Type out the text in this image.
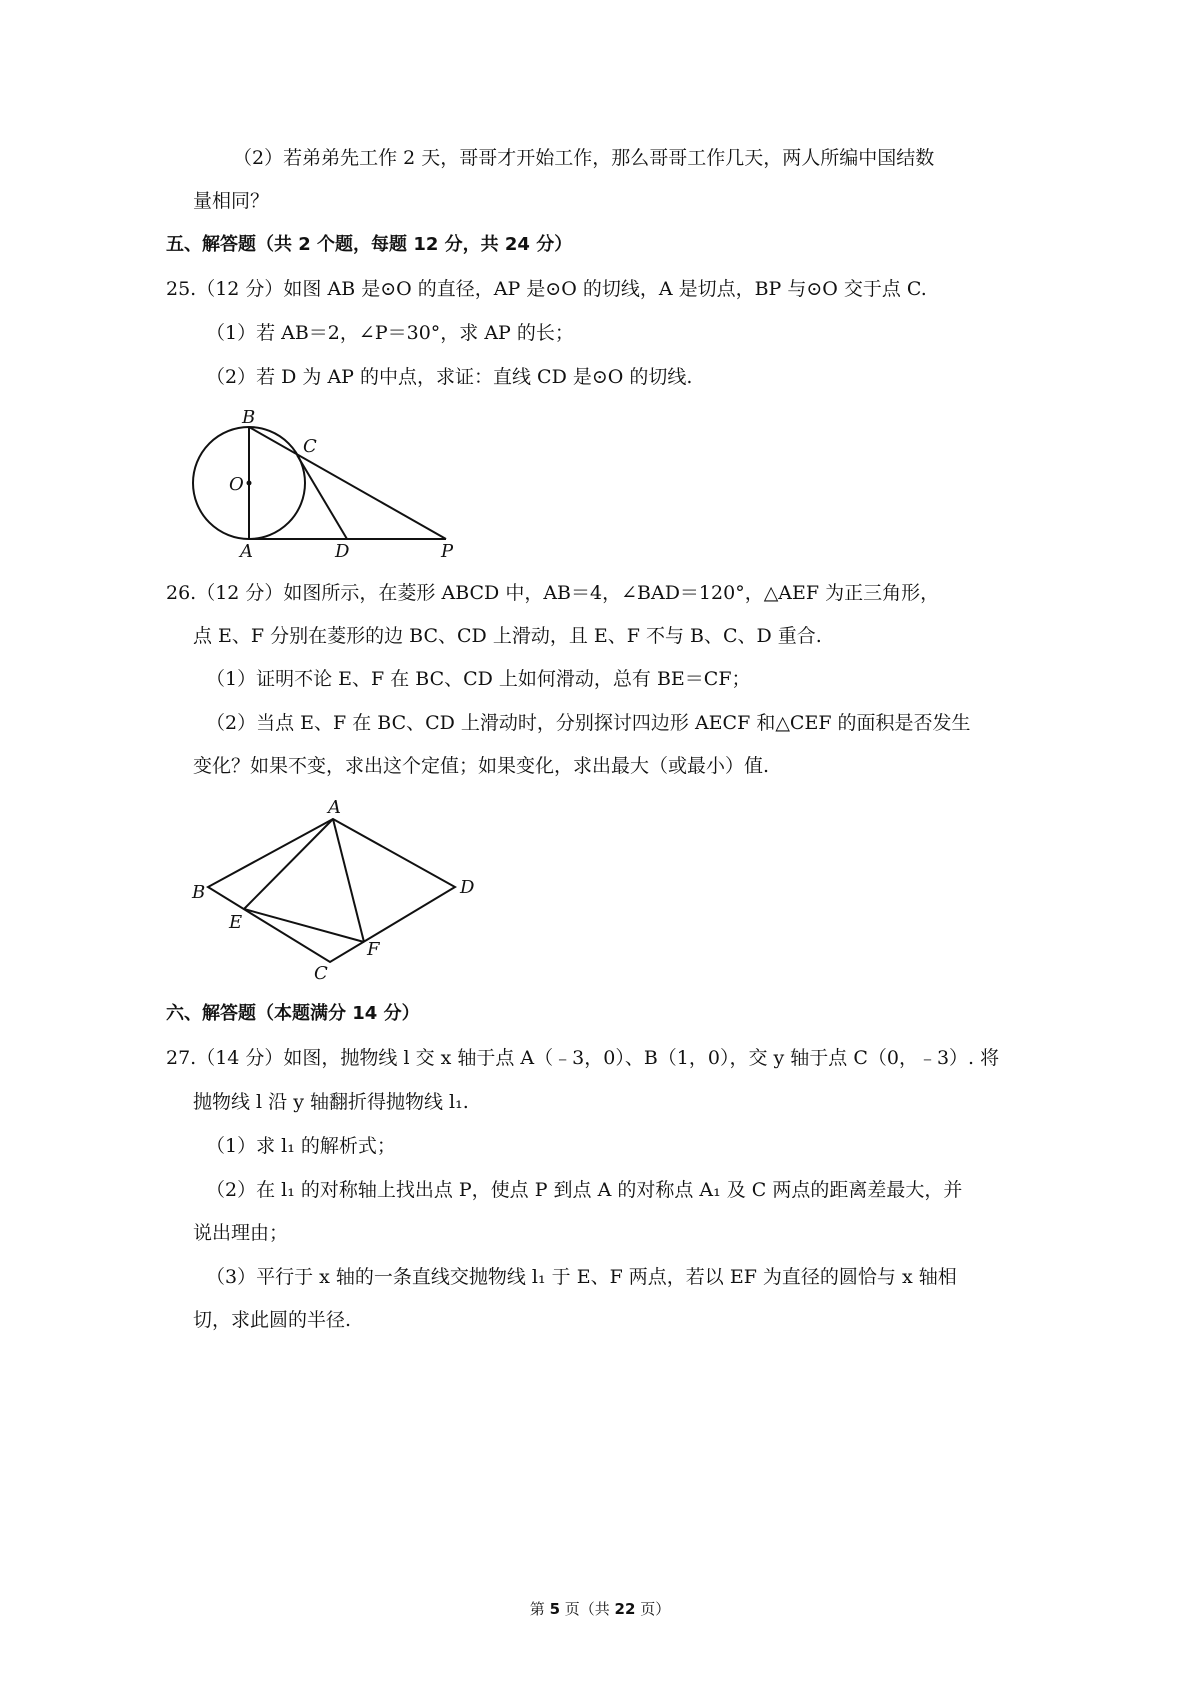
（2）若弟弟先工作 2 天，哥哥才开始工作，那么哥哥工作几天，两人所编中国结数
量相同？
五、解答题（共 2 个题，每题 12 分，共 24 分）
25.（12 分）如图 AB 是⊙O 的直径，AP 是⊙O 的切线，A 是切点，BP 与⊙O 交于点 C.
（1）若 AB＝2，∠P＝30°，求 AP 的长；
（2）若 D 为 AP 的中点，求证：直线 CD 是⊙O 的切线.
B
C
O
A	D	P
A
B	D
E
F
C
26.（12 分）如图所示，在菱形 ABCD 中，AB＝4，∠BAD＝120°，△AEF 为正三角形，
点 E、F 分别在菱形的边 BC、CD 上滑动，且 E、F 不与 B、C、D 重合.
（1）证明不论 E、F 在 BC、CD 上如何滑动，总有 BE＝CF；
（2）当点 E、F 在 BC、CD 上滑动时，分别探讨四边形 AECF 和△CEF 的面积是否发生
变化？如果不变，求出这个定值；如果变化，求出最大（或最小）值.
六、解答题（本题满分 14 分）
27.（14 分）如图，抛物线 l 交 x 轴于点 A（﹣3，0）、B（1，0），交 y 轴于点 C（0，﹣3）. 将
抛物线 l 沿 y 轴翻折得抛物线 l₁.
（1）求 l₁ 的解析式；
（2）在 l₁ 的对称轴上找出点 P，使点 P 到点 A 的对称点 A₁ 及 C 两点的距离差最大，并
说出理由；
（3）平行于 x 轴的一条直线交抛物线 l₁ 于 E、F 两点，若以 EF 为直径的圆恰与 x 轴相
切，求此圆的半径.
第 5 页（共 22 页）
